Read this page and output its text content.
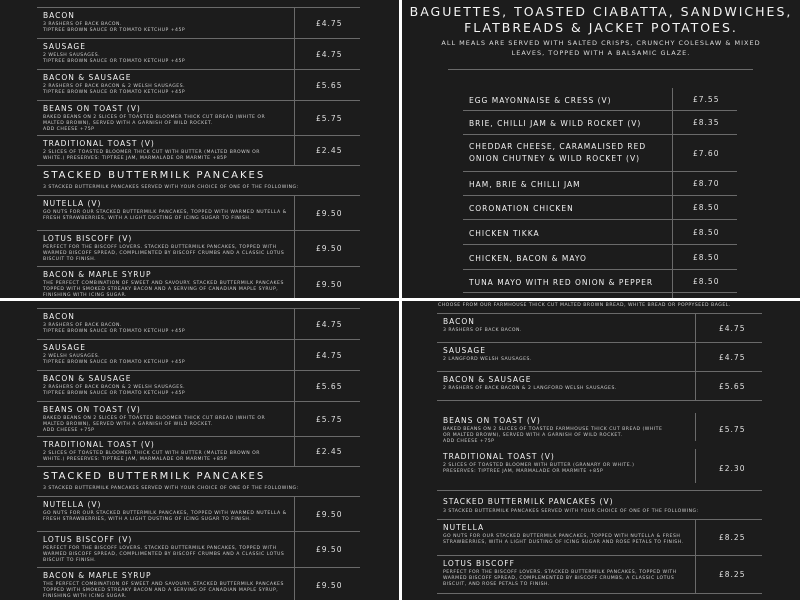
BACON
3 RASHERS OF BACK BACON.
TIPTREE BROWN SAUCE OR TOMATO KETCHUP +45P
£4.75
SAUSAGE
2 WELSH SAUSAGES.
TIPTREE BROWN SAUCE OR TOMATO KETCHUP +45P
£4.75
BACON & SAUSAGE
2 RASHERS OF BACK BACON & 2 WELSH SAUSAGES.
TIPTREE BROWN SAUCE OR TOMATO KETCHUP +45P
£5.65
BEANS ON TOAST (V)
BAKED BEANS ON 2 SLICES OF TOASTED BLOOMER THICK CUT BREAD (WHITE OR
MALTED BROWN), SERVED WITH A GARNISH OF WILD ROCKET.
ADD CHEESE +75P
£5.75
TRADITIONAL TOAST (V)
2 SLICES OF TOASTED BLOOMER THICK CUT WITH BUTTER (MALTED BROWN OR
WHITE.) PRESERVES: TIPTREE JAM, MARMALADE OR MARMITE +85P
£2.45
STACKED BUTTERMILK PANCAKES
3 STACKED BUTTERMILK PANCAKES SERVED WITH YOUR CHOICE OF ONE OF THE FOLLOWING:
NUTELLA (V)
GO NUTS FOR OUR STACKED BUTTERMILK PANCAKES, TOPPED WITH WARMED NUTELLA &
FRESH STRAWBERRIES, WITH A LIGHT DUSTING OF ICING SUGAR TO FINISH.
£9.50
LOTUS BISCOFF (V)
PERFECT FOR THE BISCOFF LOVERS. STACKED BUTTERMILK PANCAKES, TOPPED WITH
WARMED BISCOFF SPREAD, COMPLIMENTED BY BISCOFF CRUMBS AND A CLASSIC LOTUS
BISCUIT TO FINISH.
£9.50
BACON & MAPLE SYRUP
THE PERFECT COMBINATION OF SWEET AND SAVOURY. STACKED BUTTERMILK PANCAKES
TOPPED WITH SMOKED STREAKY BACON AND A SERVING OF CANADIAN MAPLE SYRUP,
FINISHING WITH ICING SUGAR.
£9.50
BAGUETTES, TOASTED CIABATTA, SANDWICHES,
FLATBREADS & JACKET POTATOES.
ALL MEALS ARE SERVED WITH SALTED CRISPS, CRUNCHY COLESLAW & MIXED
LEAVES, TOPPED WITH A BALSAMIC GLAZE.
EGG MAYONNAISE & CRESS (V)	£7.55
BRIE, CHILLI JAM & WILD ROCKET (V)	£8.35
CHEDDAR CHEESE, CARAMALISED RED
ONION CHUTNEY & WILD ROCKET (V)
£7.60
HAM, BRIE & CHILLI JAM	£8.70
CORONATION CHICKEN	£8.50
CHICKEN TIKKA	£8.50
CHICKEN, BACON & MAYO	£8.50
TUNA MAYO WITH RED ONION & PEPPER	£8.50
BACON
3 RASHERS OF BACK BACON.
TIPTREE BROWN SAUCE OR TOMATO KETCHUP +45P
£4.75
SAUSAGE
2 WELSH SAUSAGES.
TIPTREE BROWN SAUCE OR TOMATO KETCHUP +45P
£4.75
BACON & SAUSAGE
2 RASHERS OF BACK BACON & 2 WELSH SAUSAGES.
TIPTREE BROWN SAUCE OR TOMATO KETCHUP +45P
£5.65
BEANS ON TOAST (V)
BAKED BEANS ON 2 SLICES OF TOASTED BLOOMER THICK CUT BREAD (WHITE OR
MALTED BROWN), SERVED WITH A GARNISH OF WILD ROCKET.
ADD CHEESE +75P
£5.75
TRADITIONAL TOAST (V)
2 SLICES OF TOASTED BLOOMER THICK CUT WITH BUTTER (MALTED BROWN OR
WHITE.) PRESERVES: TIPTREE JAM, MARMALADE OR MARMITE +85P
£2.45
STACKED BUTTERMILK PANCAKES
3 STACKED BUTTERMILK PANCAKES SERVED WITH YOUR CHOICE OF ONE OF THE FOLLOWING:
NUTELLA (V)
GO NUTS FOR OUR STACKED BUTTERMILK PANCAKES, TOPPED WITH WARMED NUTELLA &
FRESH STRAWBERRIES, WITH A LIGHT DUSTING OF ICING SUGAR TO FINISH.
£9.50
LOTUS BISCOFF (V)
PERFECT FOR THE BISCOFF LOVERS. STACKED BUTTERMILK PANCAKES, TOPPED WITH
WARMED BISCOFF SPREAD, COMPLIMENTED BY BISCOFF CRUMBS AND A CLASSIC LOTUS
BISCUIT TO FINISH.
£9.50
BACON & MAPLE SYRUP
THE PERFECT COMBINATION OF SWEET AND SAVOURY. STACKED BUTTERMILK PANCAKES
TOPPED WITH SMOKED STREAKY BACON AND A SERVING OF CANADIAN MAPLE SYRUP,
FINISHING WITH ICING SUGAR.
£9.50
CHOOSE FROM OUR FARMHOUSE THICK CUT MALTED BROWN BREAD, WHITE BREAD OR POPPYSEED BAGEL.
BACON
3 RASHERS OF BACK BACON.	£4.75
SAUSAGE
2 LANGFORD WELSH SAUSAGES.	£4.75
BACON & SAUSAGE
2 RASHERS OF BACK BACON & 2 LANGFORD WELSH SAUSAGES.	£5.65
BEANS ON TOAST (V)
BAKED BEANS ON 2 SLICES OF TOASTED FARMHOUSE THICK CUT BREAD (WHITE
OR MALTED BROWN), SERVED WITH A GARNISH OF WILD ROCKET.
ADD CHEESE +75P
£5.75
TRADITIONAL TOAST (V)
2 SLICES OF TOASTED BLOOMER WITH BUTTER (GRANARY OR WHITE.)
PRESERVES: TIPTREE JAM, MARMALADE OR MARMITE +85P	£2.30
STACKED BUTTERMILK PANCAKES (V)
3 STACKED BUTTERMILK PANCAKES SERVED WITH YOUR CHOICE OF ONE OF THE FOLLOWING:
NUTELLA
GO NUTS FOR OUR STACKED BUTTERMILK PANCAKES, TOPPED WITH NUTELLA & FRESH
STRAWBERRIES, WITH A LIGHT DUSTING OF ICING SUGAR AND ROSE PETALS TO FINISH.
£8.25
LOTUS BISCOFF
PERFECT FOR THE BISCOFF LOVERS. STACKED BUTTERMILK PANCAKES, TOPPED WITH
WARMED BISCOFF SPREAD, COMPLEMENTED BY BISCOFF CRUMBS, A CLASSIC LOTUS
BISCUIT, AND ROSE PETALS TO FINISH.
£8.25
